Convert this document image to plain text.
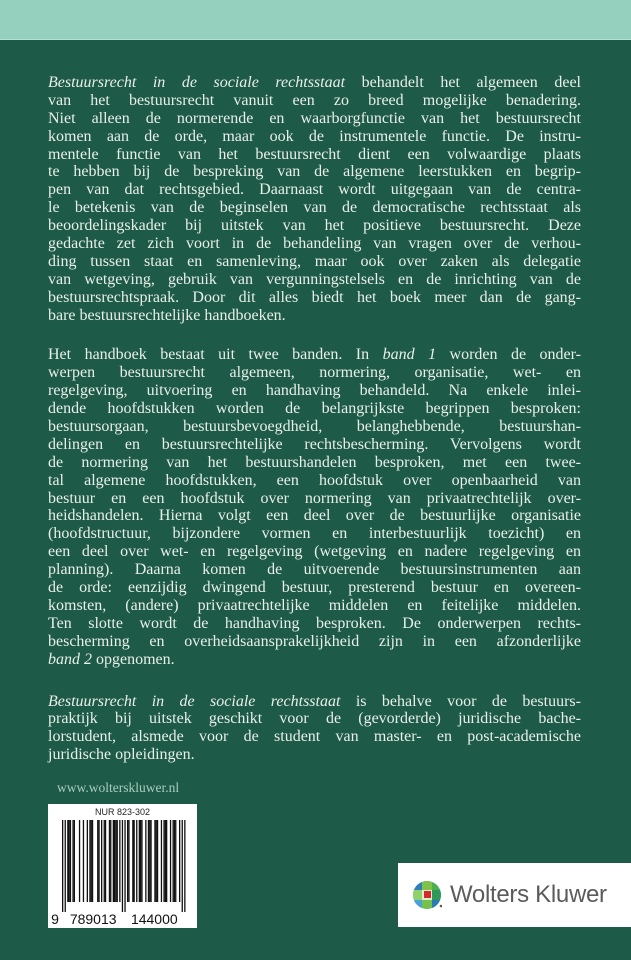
Bestuursrecht in de sociale rechtsstaat behandelt het algemeen deel
van het bestuursrecht vanuit een zo breed mogelijke benadering.
Niet alleen de normerende en waarborgfunctie van het bestuursrecht
komen aan de orde, maar ook de instrumentele functie. De instru-
mentele functie van het bestuursrecht dient een volwaardige plaats
te hebben bij de bespreking van de algemene leerstukken en begrip-
pen van dat rechtsgebied. Daarnaast wordt uitgegaan van de centra-
le betekenis van de beginselen van de democratische rechtsstaat als
beoordelingskader bij uitstek van het positieve bestuursrecht. Deze
gedachte zet zich voort in de behandeling van vragen over de verhou-
ding tussen staat en samenleving, maar ook over zaken als delegatie
van wetgeving, gebruik van vergunningstelsels en de inrichting van de
bestuursrechtspraak. Door dit alles biedt het boek meer dan de gang-
bare bestuursrechtelijke handboeken.
Het handboek bestaat uit twee banden. In band 1 worden de onder-
werpen bestuursrecht algemeen, normering, organisatie, wet- en
regelgeving, uitvoering en handhaving behandeld. Na enkele inlei-
dende hoofdstukken worden de belangrijkste begrippen besproken:
bestuursorgaan, bestuursbevoegdheid, belanghebbende, bestuurshan-
delingen en bestuursrechtelijke rechtsbescherming. Vervolgens wordt
de normering van het bestuurshandelen besproken, met een twee-
tal algemene hoofdstukken, een hoofdstuk over openbaarheid van
bestuur en een hoofdstuk over normering van privaatrechtelijk over-
heidshandelen. Hierna volgt een deel over de bestuurlijke organisatie
(hoofdstructuur, bijzondere vormen en interbestuurlijk toezicht) en
een deel over wet- en regelgeving (wetgeving en nadere regelgeving en
planning). Daarna komen de uitvoerende bestuursinstrumenten aan
de orde: eenzijdig dwingend bestuur, presterend bestuur en overeen-
komsten, (andere) privaatrechtelijke middelen en feitelijke middelen.
Ten slotte wordt de handhaving besproken. De onderwerpen rechts-
bescherming en overheidsaansprakelijkheid zijn in een afzonderlijke
band 2 opgenomen.
Bestuursrecht in de sociale rechtsstaat is behalve voor de bestuurs-
praktijk bij uitstek geschikt voor de (gevorderde) juridische bache-
lorstudent, alsmede voor de student van master- en post-academische
juridische opleidingen.
www.wolterskluwer.nl
NUR 823-302
9 789013 144000
Wolters Kluwer
